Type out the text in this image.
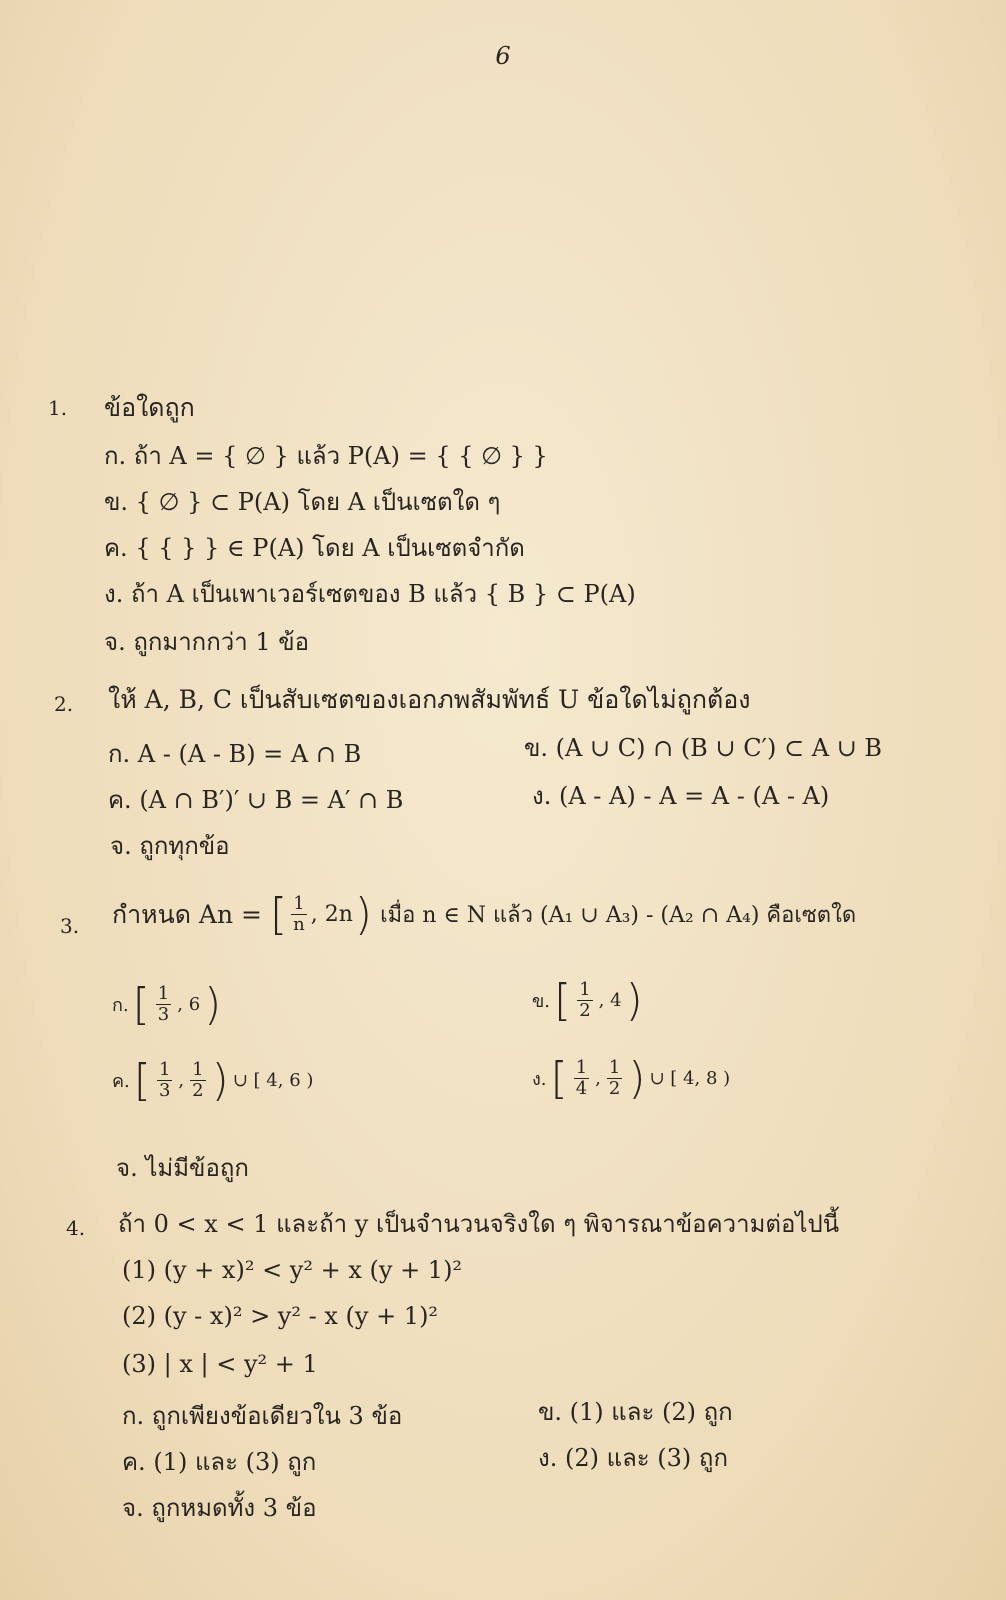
6
1. ข้อใดถูก
ก. ถ้า A = { ∅ } แล้ว P(A) = { { ∅ } }
ข. { ∅ } ⊂ P(A) โดย A เป็นเซตใด ๆ
ค. { { } } ∈ P(A) โดย A เป็นเซตจำกัด
ง. ถ้า A เป็นเพาเวอร์เซตของ B แล้ว { B } ⊂ P(A)
จ. ถูกมากกว่า 1 ข้อ
2. ให้ A, B, C เป็นสับเซตของเอกภพสัมพัทธ์ U ข้อใดไม่ถูกต้อง
ก. A - (A - B) = A ∩ B	ข. (A ∪ C) ∩ (B ∪ C′) ⊂ A ∪ B
ค. (A ∩ B′)′ ∪ B = A′ ∩ B	ง. (A - A) - A = A - (A - A)
จ. ถูกทุกข้อ
3. กำหนด An = [ $\frac{1}{n}$ , 2n ) เมื่อ n ∈ N แล้ว (A₁ ∪ A₃) - (A₂ ∩ A₄) คือเซตใด
ก. [ $\frac{1}{3}$ , 6 )	ข. [ $\frac{1}{2}$ , 4 )
ค. [ $\frac{1}{3}$ , $\frac{1}{2}$ ) ∪ [ 4, 6 )	ง. [ $\frac{1}{4}$ , $\frac{1}{2}$ ) ∪ [ 4, 8 )
จ. ไม่มีข้อถูก
4. ถ้า 0 < x < 1 และถ้า y เป็นจำนวนจริงใด ๆ พิจารณาข้อความต่อไปนี้
(1) (y + x)² < y² + x (y + 1)²
(2) (y - x)² > y² - x (y + 1)²
(3) | x | < y² + 1
ก. ถูกเพียงข้อเดียวใน 3 ข้อ	ข. (1) และ (2) ถูก
ค. (1) และ (3) ถูก	ง. (2) และ (3) ถูก
จ. ถูกหมดทั้ง 3 ข้อ
